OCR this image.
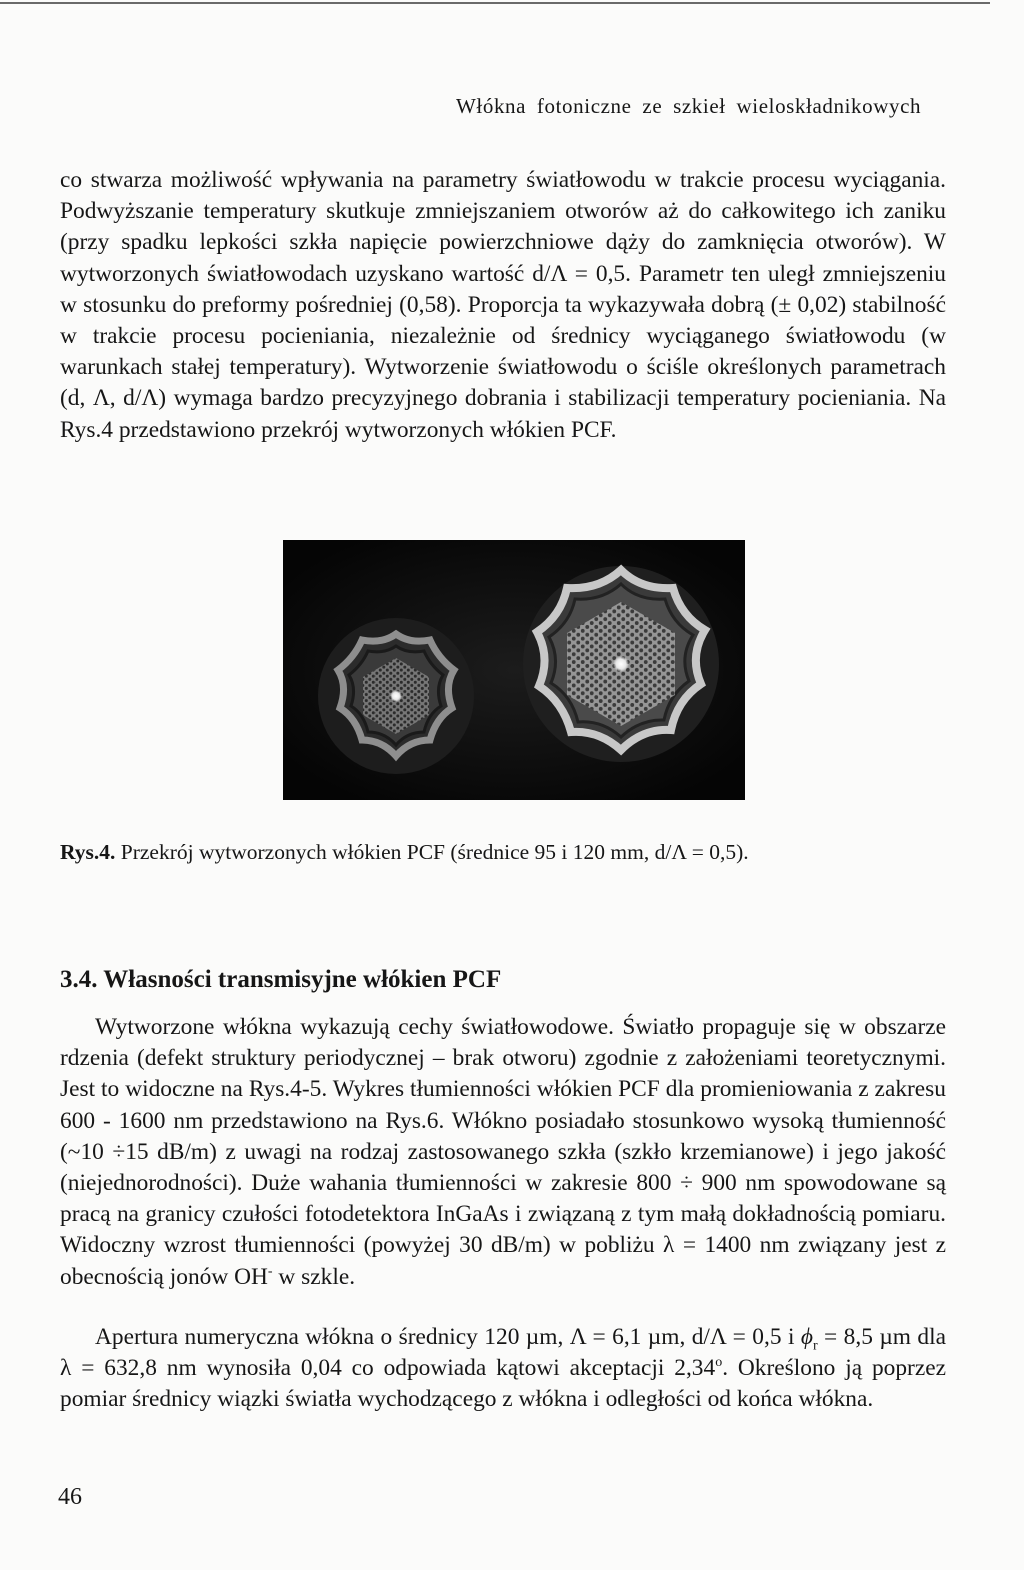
Włókna fotoniczne ze szkieł wieloskładnikowych

co stwarza możliwość wpływania na parametry światłowodu w trakcie procesu wyciągania. Podwyższanie temperatury skutkuje zmniejszaniem otworów aż do całkowitego ich zaniku (przy spadku lepkości szkła napięcie powierzchniowe dąży do zamknięcia otworów). W wytworzonych światłowodach uzyskano wartość d/Λ = 0,5. Parametr ten uległ zmniejszeniu w stosunku do preformy pośredniej (0,58). Proporcja ta wykazywała dobrą (± 0,02) stabilność w trakcie procesu pocieniania, niezależnie od średnicy wyciąganego światłowodu (w warunkach stałej temperatury). Wytworzenie światłowodu o ściśle określonych parametrach (d, Λ, d/Λ) wymaga bardzo precyzyjnego dobrania i stabilizacji temperatury pocieniania. Na Rys.4 przedstawiono przekrój wytworzonych włókien PCF.

Rys.4. Przekrój wytworzonych włókien PCF (średnice 95 i 120 mm, d/Λ = 0,5).
3.4. Własności transmisyjne włókien PCF

Wytworzone włókna wykazują cechy światłowodowe. Światło propaguje się w obszarze rdzenia (defekt struktury periodycznej – brak otworu) zgodnie z założeniami teoretycznymi. Jest to widoczne na Rys.4-5. Wykres tłumienności włókien PCF dla promieniowania z zakresu 600 - 1600 nm przedstawiono na Rys.6. Włókno posiadało stosunkowo wysoką tłumienność (~10 ÷15 dB/m) z uwagi na rodzaj zastosowanego szkła (szkło krzemianowe) i jego jakość (niejednorodności). Duże wahania tłumienności w zakresie 800 ÷ 900 nm spowodowane są pracą na granicy czułości fotodetektora InGaAs i związaną z tym małą dokładnością pomiaru. Widoczny wzrost tłumienności (powyżej 30 dB/m) w pobliżu λ = 1400 nm związany jest z obecnością jonów OH- w szkle.

Apertura numeryczna włókna o średnicy 120 µm, Λ = 6,1 µm, d/Λ = 0,5 i $\phi_r = 8,5$ µm dla λ = 632,8 nm wynosiła 0,04 co odpowiada kątowi akceptacji 2,34$^o$. Określono ją poprzez pomiar średnicy wiązki światła wychodzącego z włókna i odległości od końca włókna.

46
